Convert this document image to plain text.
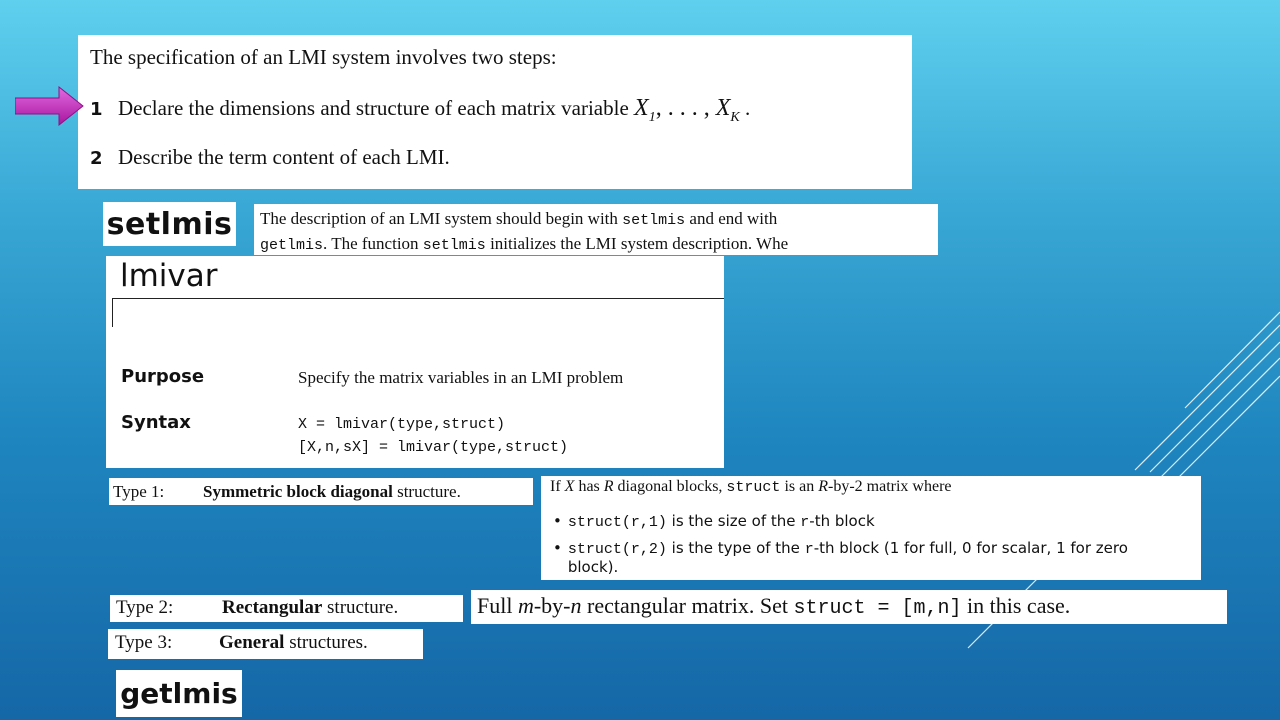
The specification of an LMI system involves two steps:
1 Declare the dimensions and structure of each matrix variable $X_1$, . . . , $X_K$ .
2 Describe the term content of each LMI.
setlmis The description of an LMI system should begin with setlmis and end with
getlmis. The function setlmis initializes the LMI system description. Whe
lmivar
Purpose	Specify the matrix variables in an LMI problem
Syntax	X = lmivar(type,struct)
[X,n,sX] = lmivar(type,struct)
Type 1: Symmetric block diagonal structure.	If X has R diagonal blocks, struct is an R-by-2 matrix where
• struct(r,1) is the size of the r-th block
• struct(r,2) is the type of the r-th block (1 for full, 0 for scalar, 1 for zero
block).
Type 2:	Rectangular structure.	Full m-by-n rectangular matrix. Set struct = [m,n] in this case.
Type 3: General structures.
getlmis
